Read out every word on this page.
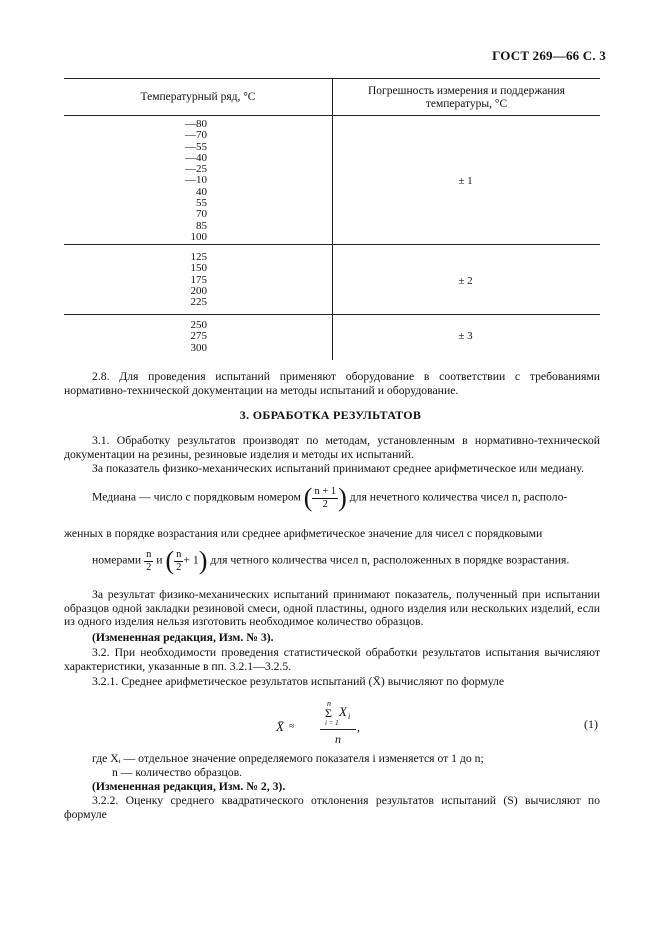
ГОСТ 269—66 С. 3
Температурный ряд, °С	Погрешность измерения и поддержания
температуры, °С
—80
—70
—55
—40
—25
—10
40
55
70
85
100
± 1
125
150
175
200
225
± 2
250
275
300
± 3
2.8. Для проведения испытаний применяют оборудование в соответствии с требованиями нормативно-технической документации на методы испытаний и оборудование.
3. ОБРАБОТКА РЕЗУЛЬТАТОВ
3.1. Обработку результатов производят по методам, установленным в нормативно-технической документации на резины, резиновые изделия и методы их испытаний.
За показатель физико-механических испытаний принимают среднее арифметическое или медиану.
Медиана — число с порядковым номером ( $\frac{n + 1}{2}$ ) для нечетного количества чисел n, располо-
женных в порядке возрастания или среднее арифметическое значение для чисел с порядковыми
номерами $\frac{n}{2}$ и ( $\frac{n}{2} + 1$) для четного количества чисел n, расположенных в порядке возрастания.
За результат физико-механических испытаний принимают показатель, полученный при испытании образцов одной закладки резиновой смеси, одной пластины, одного изделия или нескольких изделий, если из одного изделия нельзя изготовить необходимое количество образцов.
(Измененная редакция, Изм. № 3).
3.2. При необходимости проведения статистической обработки результатов испытания вычисляют характеристики, указанные в пп. 3.2.1—3.2.5.
3.2.1. Среднее арифметическое результатов испытаний (X̄) вычисляют по формуле
X̄ ≈
n
Σ X i
i = 1
n
,	(1)
где Xᵢ — отдельное значение определяемого показателя i изменяется от 1 до n;
n — количество образцов.
(Измененная редакция, Изм. № 2, 3).
3.2.2. Оценку среднего квадратического отклонения результатов испытаний (S) вычисляют по формуле
